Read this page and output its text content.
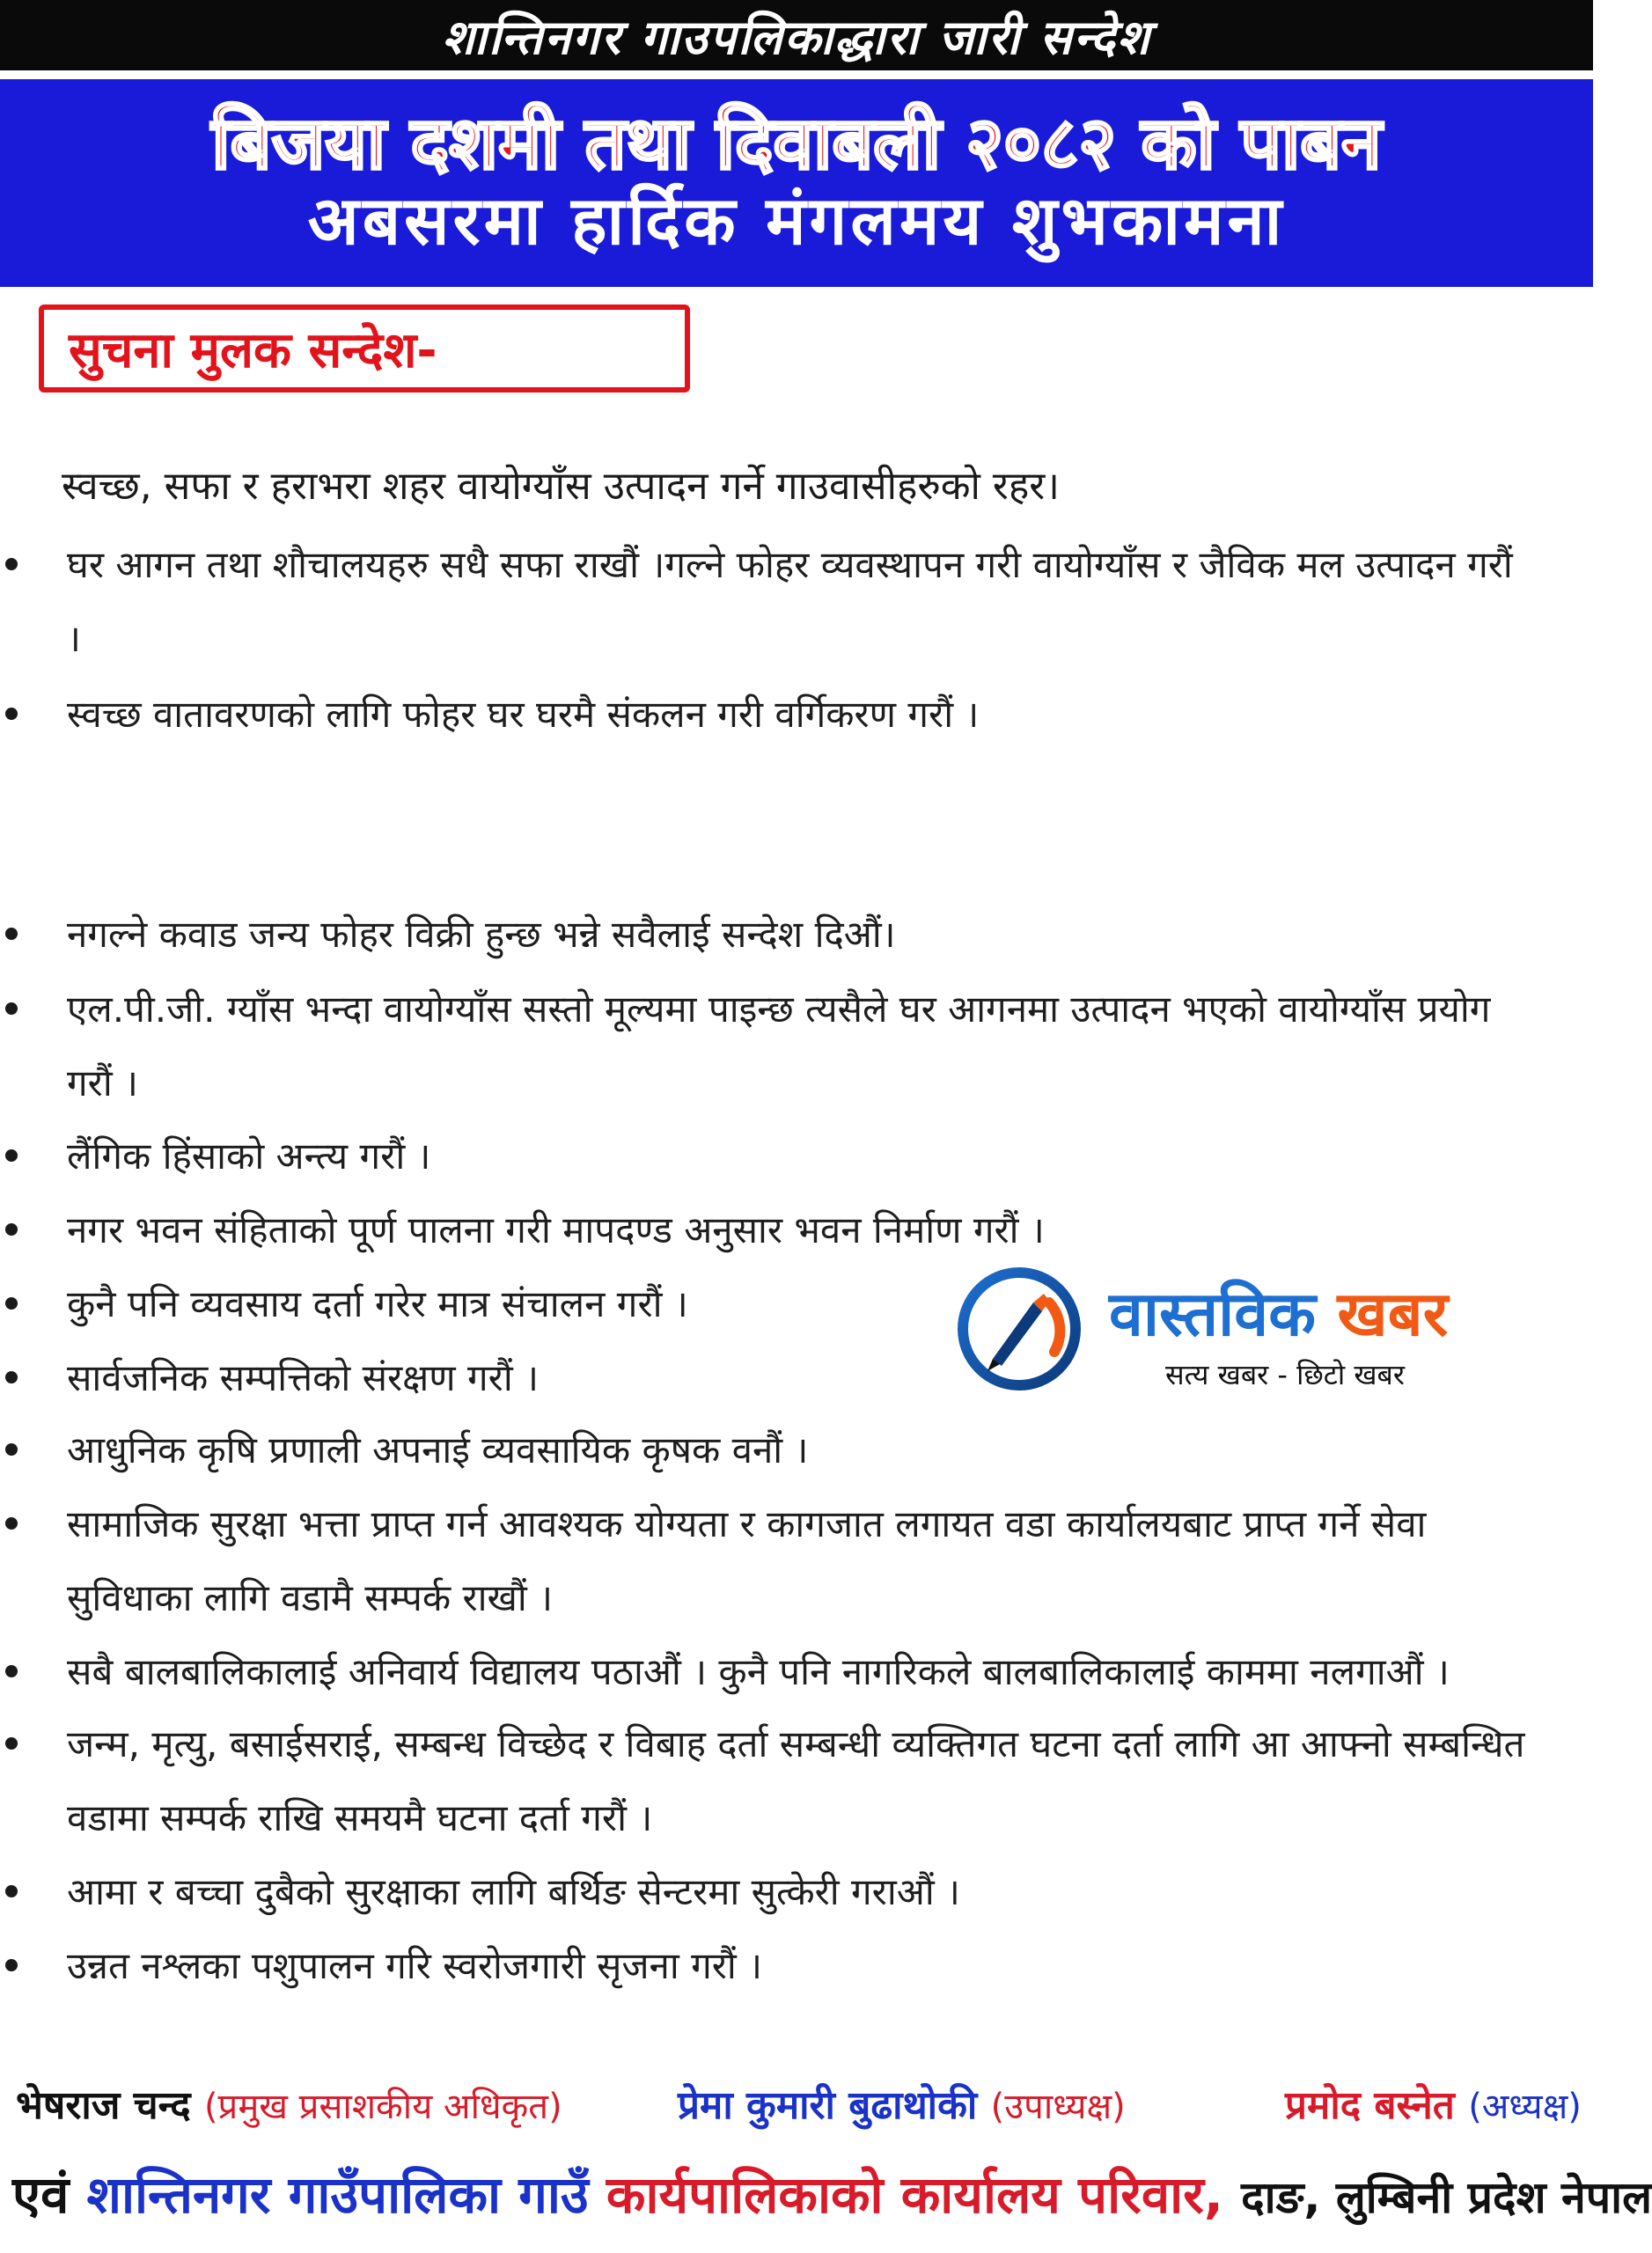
शान्तिनगर गाउपलिकाद्धारा जारी सन्देश
बिजया दशमी तथा दिवाबली २०८२ को पाबन
अबसरमा हार्दिक मंगलमय शुभकामना
सुचना मुलक सन्देश-
स्वच्छ, सफा र हराभरा शहर वायोग्याँस उत्पादन गर्ने गाउवासीहरुको रहर।
घर आगन तथा शौचालयहरु सधै सफा राखौं ।गल्ने फोहर व्यवस्थापन गरी वायोग्याँस र जैविक मल उत्पादन गरौं ।
स्वच्छ वातावरणको लागि फोहर घर घरमै संकलन गरी वर्गिकरण गरौं ।
नगल्ने कवाड जन्य फोहर विक्री हुन्छ भन्ने सवैलाई सन्देश दिऔं।
एल.पी.जी. ग्याँस भन्दा वायोग्याँस सस्तो मूल्यमा पाइन्छ त्यसैले घर आगनमा उत्पादन भएको वायोग्याँस प्रयोग गरौं ।
लैंगिक हिंसाको अन्त्य गरौं ।
नगर भवन संहिताको पूर्ण पालना गरी मापदण्ड अनुसार भवन निर्माण गरौं ।
कुनै पनि व्यवसाय दर्ता गरेर मात्र संचालन गरौं ।
सार्वजनिक सम्पत्तिको संरक्षण गरौं ।
आधुनिक कृषि प्रणाली अपनाई व्यवसायिक कृषक वनौं ।
सामाजिक सुरक्षा भत्ता प्राप्त गर्न आवश्यक योग्यता र कागजात लगायत वडा कार्यालयबाट प्राप्त गर्ने सेवा सुविधाका लागि वडामै सम्पर्क राखौं ।
सबै बालबालिकालाई अनिवार्य विद्यालय पठाऔं । कुनै पनि नागरिकले बालबालिकालाई काममा नलगाऔं ।
जन्म, मृत्यु, बसाईसराई, सम्बन्ध विच्छेद र विबाह दर्ता सम्बन्धी व्यक्तिगत घटना दर्ता लागि आ आफ्नो सम्बन्धित वडामा सम्पर्क राखि समयमै घटना दर्ता गरौं ।
आमा र बच्चा दुबैको सुरक्षाका लागि बर्थिङ सेन्टरमा सुत्केरी गराऔं ।
उन्नत नश्लका पशुपालन गरि स्वरोजगारी सृजना गरौं ।
वास्तविक खबर
सत्य खबर - छिटो खबर
भेषराज चन्द (प्रमुख प्रसाशकीय अधिकृत)	प्रेमा कुमारी बुढाथोकी (उपाध्यक्ष)	प्रमोद बस्नेत (अध्यक्ष)
एवं शान्तिनगर गाउँपालिका गाउँ कार्यपालिकाको कार्यालय परिवार, दाङ, लुम्बिनी प्रदेश नेपाल
